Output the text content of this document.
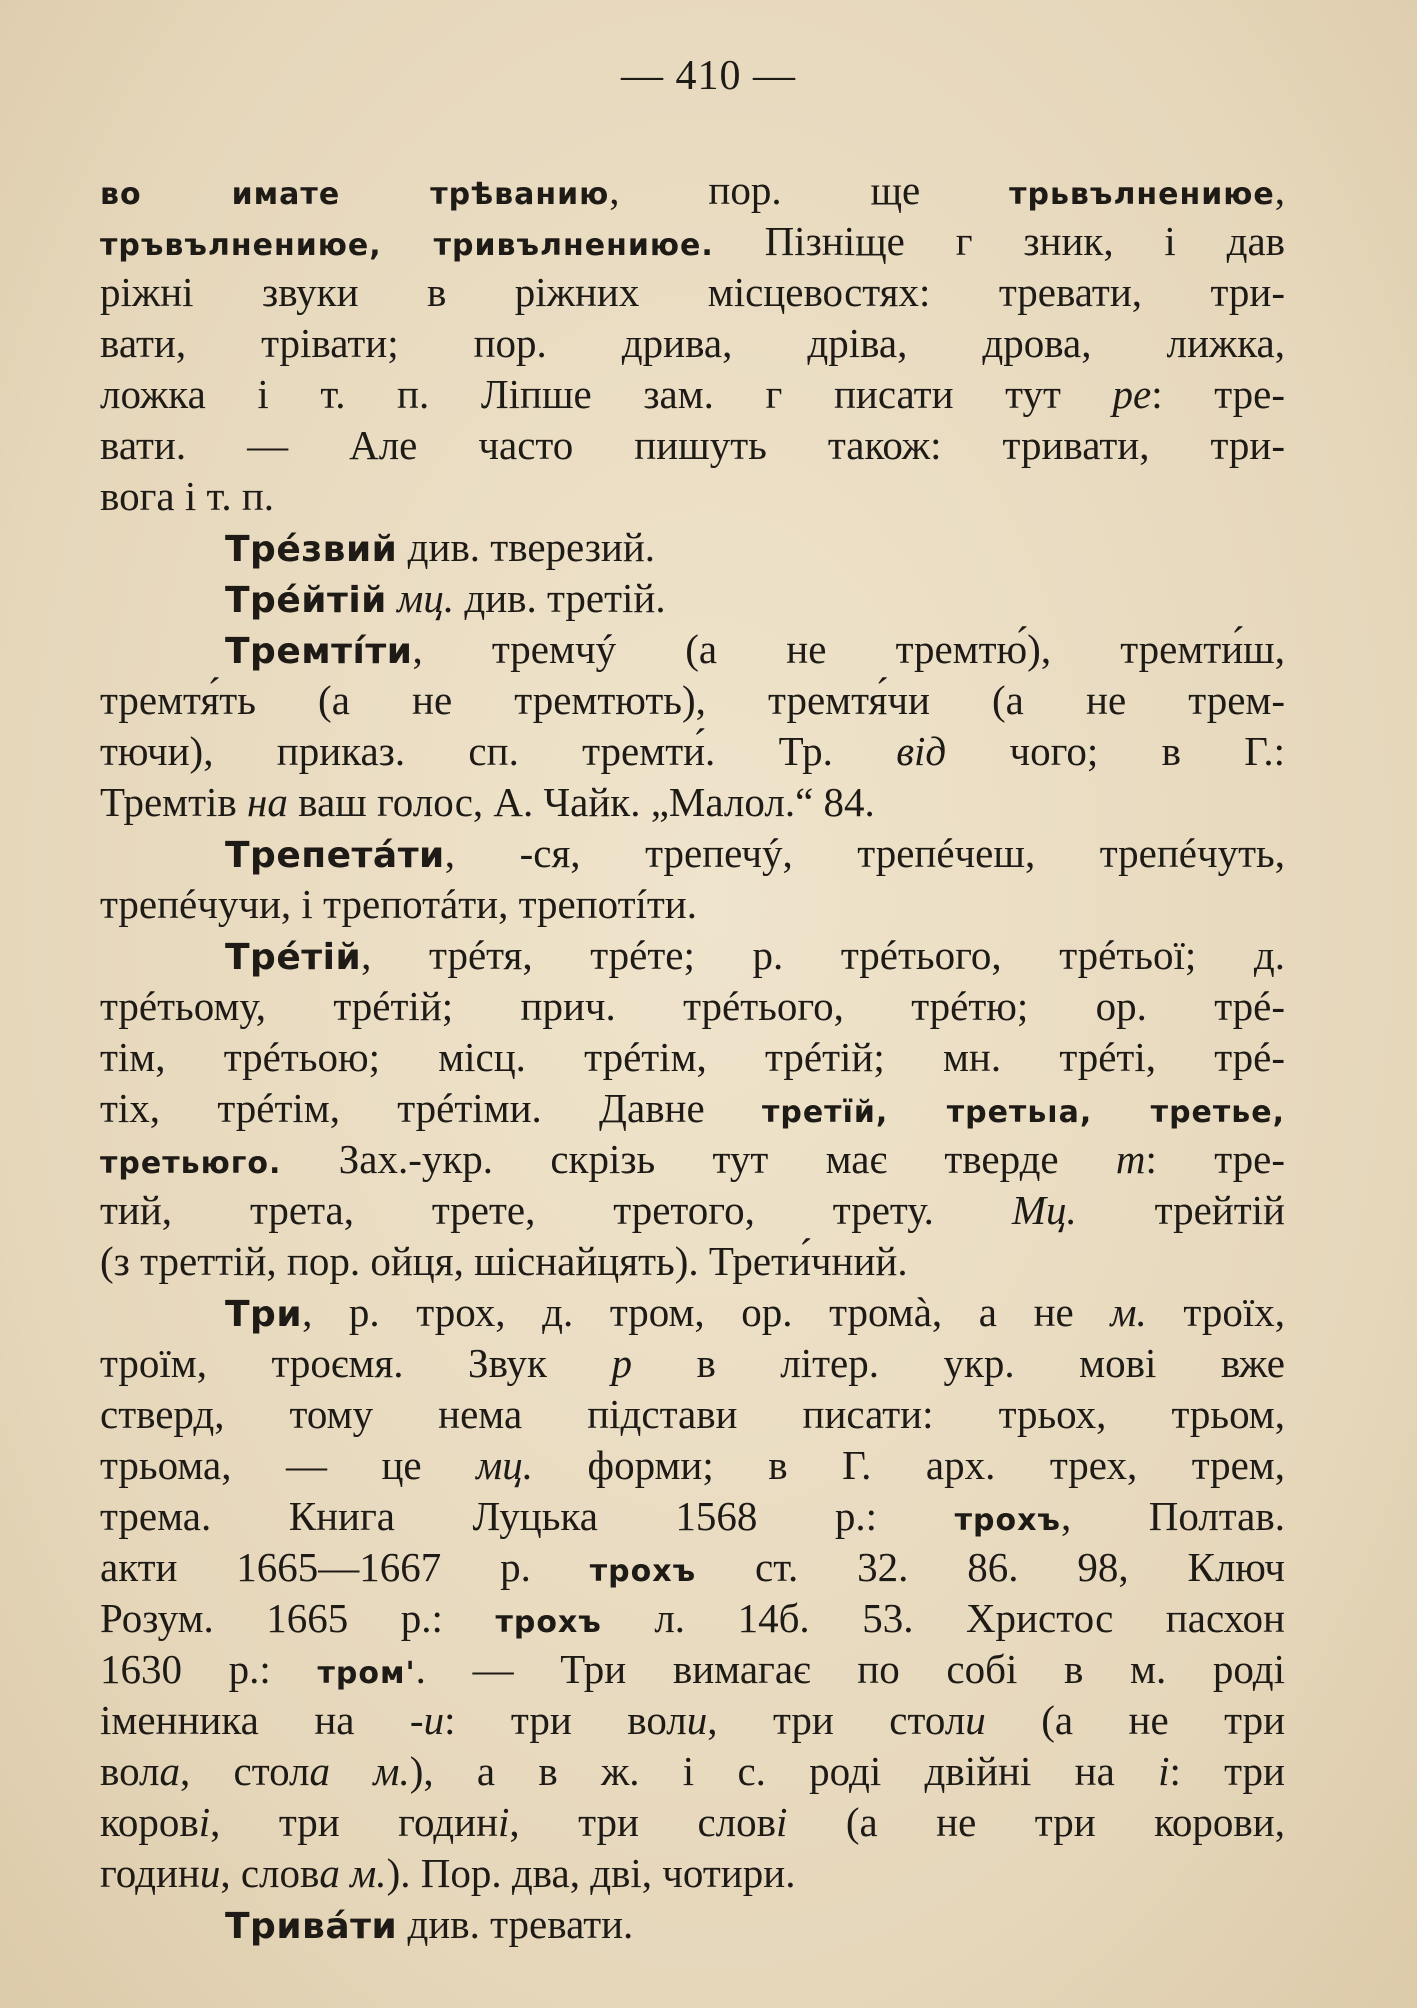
— 410 —
во имате трѣванию, пор. ще трьвълнениюе,
тръвълнениюе, тривълнениюе. Пізніще г зник, і дав
ріжні звуки в ріжних місцевостях: тревати, три-
вати, трівати; пор. дрива, дріва, дрова, лижка,
ложка і т. п. Ліпше зам. г писати тут ре: тре-
вати. — Але часто пишуть також: тривати, три-
вога і т. п.
Трéзвий див. тверезий.
Трéйтій мц. див. третій.
Тремтíти, тремчý (а не тремтю́), тремти́ш,
тремтя́ть (а не тремтють), тремтя́чи (а не трем-
тючи), приказ. сп. тремти́. Тр. від чого; в Г.:
Тремтів на ваш голос, А. Чайк. „Малол.“ 84.
Трепетáти, -ся, трепечý, трепéчеш, трепéчуть,
трепéчучи, і трепотáти, трепотíти.
Трéтій, трéтя, трéте; р. трéтього, трéтьої; д.
трéтьому, трéтій; прич. трéтього, трéтю; ор. трé-
тім, трéтьою; місц. трéтім, трéтій; мн. трéті, трé-
тіх, трéтім, трéтіми. Давне третїй, третьıа, третье,
третьюго. Зах.-укр. скрізь тут має тверде т: тре-
тий, трета, трете, третого, трету. Мц. трейтій
(з треттій, пор. ойця, шіснайцять). Трети́чний.
Три, р. трох, д. тром, ор. тромà, а не м. троїх,
троїм, троємя. Звук р в літер. укр. мові вже
стверд, тому нема підстави писати: трьох, трьом,
трьома, — це мц. форми; в Г. арх. трех, трем,
трема. Книга Луцька 1568 р.: трохъ, Полтав.
акти 1665—1667 р. трохъ ст. 32. 86. 98, Ключ
Розум. 1665 р.: трохъ л. 14б. 53. Христос пасхон
1630 р.: тром'. — Три вимагає по собі в м. роді
іменника на -и: три воли, три столи (а не три
вола, стола м.), а в ж. і с. роді двійні на і: три
корові, три годині, три слові (а не три корови,
години, слова м.). Пор. два, дві, чотири.
Тривáти див. тревати.
